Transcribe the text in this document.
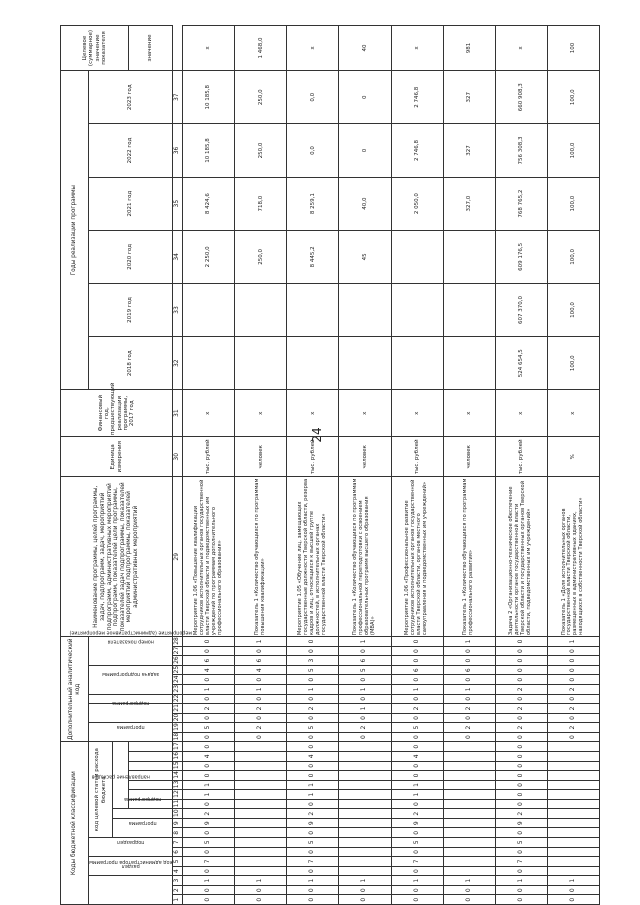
24
Коды бюджетной классификации																	Дополнительный аналитический код											Наименование программы, целей программы, задач, подпрограмм, задач, мероприятий подпрограмм, административных мероприятий подпрограмм, показателей цели программы, показателей задач подпрограммы, показателей мероприятий подпрограммы, показателей административных мероприятий	Единица измерения	Финансовый год, предшествующий реализации программы, 2017 год	Годы реализации программы						Целевое (суммарное) значение показателя
код администратора программы			раздел		подраздел		код целевой статьи расхода бюджета										программа		подпрограмма		задача подпрограммы	мероприятие (административное мероприятие)			номер показателя						2018 год	2019 год	2020 год	2021 год	2022 год	2023 год	
							программа		подпрограмма	направление расходов																											
																																					значение
1	2	3	4	5	6	7	8	9	10	11	12	13	14	15	16	17	18	19	20	21	22	23	24	25	26	27	28	29	30	31	32	33	34	35	36	37	
0	0	1	0	7	0	5	0	9	2	0	1	1	0	0	4	0	0	5	0	2	0	1	0	4	6	0	0	Мероприятие 1.06 «Повышение квалификации сотрудников исполнительных органов государственной власти Тверской области и подведомственных им учреждений по программам дополнительного профессионального образования»	тыс. рублей	х			2 250,0	8 424,6	10 185,8	10 185,8	х
0	0	1															0	2	0	2	0	1	0	4	6	0	1	Показатель 1 «Количество обучающихся по программам повышения квалификации»	человек	х			250,0	718,0	250,0	250,0	1 468,0
0	0	1	0	7	0	5	0	9	2	0	1	1	0	0	4	0	0	5	0	2	0	1	0	5	3	0	0	Мероприятие 1.05 «Обучение лиц, замещающих государственные должности Тверской области, резерва кадров и лиц, относящихся к высшей группе должностей, в исполнительных органах государственной власти Тверской области»	тыс. рублей	х			8 445,2	8 259,1	0,0	0,0	х
0	0	1															0	2	0	1	0	1	0	5	6	0	1	Показатель 1 «Количество обучающихся по программам профессиональной переподготовки с освоением образовательных программ высшего образования (МВА)»	человек	х			45	40,0	0	0	40
0	0	1	0	7	0	5	0	9	2	0	1	1	0	0	4	0	0	5	0	2	0	1	0	6	0	0	0	Мероприятие 1.06 «Профессиональное развитие сотрудников исполнительных органов государственной власти Тверской области, органов местного самоуправления и подведомственных им учреждений»	тыс. рублей	х				2 050,0	2 746,8	2 746,8	х
0	0	1															0	2	0	2	0	1	0	6	0	0	1	Показатель 1 «Количество обучающихся по программам профессионального развития»	человек	х				327,0	327	327	981
0	0	1	0	7	0	5	0	9	2	0	0	0	0	0	0	0	0	2	0	2	0	2	0	0	0	0	0	Задача 2 «Организационно-техническое обеспечение деятельности органов государственной власти Тверской области и государственных органов Тверской области, подведомственных им учреждений»	тыс. рублей	х	524 654,5	607 370,0	609 176,5	768 765,2	756 308,3	660 908,3	х
0	0	1															0	2	0	2	0	2	0	0	0	0	1	Показатель 1 «Доля исполнительных органов государственной власти Тверской области, размещенных в административных зданиях, находящихся в собственности Тверской области»	%	х	100,0	100,0	100,0	100,0	100,0	100,0	100
